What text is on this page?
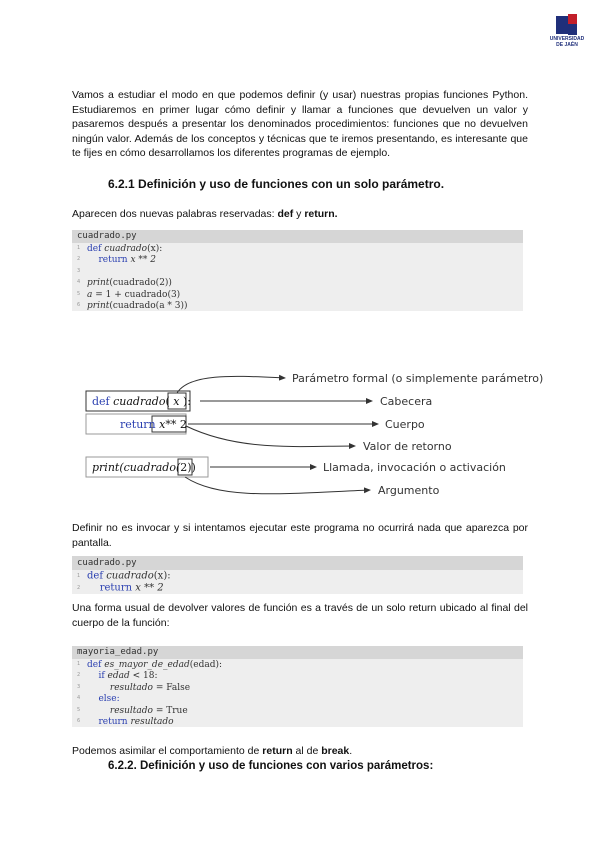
UNIVERSIDAD
DE JAÉN

Vamos a estudiar el modo en que podemos definir (y usar) nuestras propias funciones Python. Estudiaremos en primer lugar cómo definir y llamar a funciones que devuelven un valor y pasaremos después a presentar los denominados procedimientos: funciones que no devuelven ningún valor. Además de los conceptos y técnicas que te iremos presentando, es interesante que te fijes en cómo desarrollamos los diferentes programas de ejemplo.

6.2.1 Definición y uso de funciones con un solo parámetro.

Aparecen dos nuevas palabras reservadas: def y return.

cuadrado.py
1 def cuadrado(x):
2    return x ** 2
3
4 print(cuadrado(2))
5 a = 1 + cuadrado(3)
6 print(cuadrado(a * 3))
def cuadrado( x ):
return x** 2
print(cuadrado(2))
Parámetro formal (o simplemente parámetro)
Cabecera
Cuerpo
Valor de retorno
Llamada, invocación o activación
Argumento

Definir no es invocar y si intentamos ejecutar este programa no ocurrirá nada que aparezca por pantalla.

cuadrado.py
1 def cuadrado(x):
2    return x ** 2

Una forma usual de devolver valores de función es a través de un solo return ubicado al final del cuerpo de la función:

mayoria_edad.py
1 def es_mayor_de_edad(edad):
2    if edad < 18:
3        resultado = False
4    else:
5        resultado = True
6    return resultado

Podemos asimilar el comportamiento de return al de break.

6.2.2. Definición y uso de funciones con varios parámetros:
